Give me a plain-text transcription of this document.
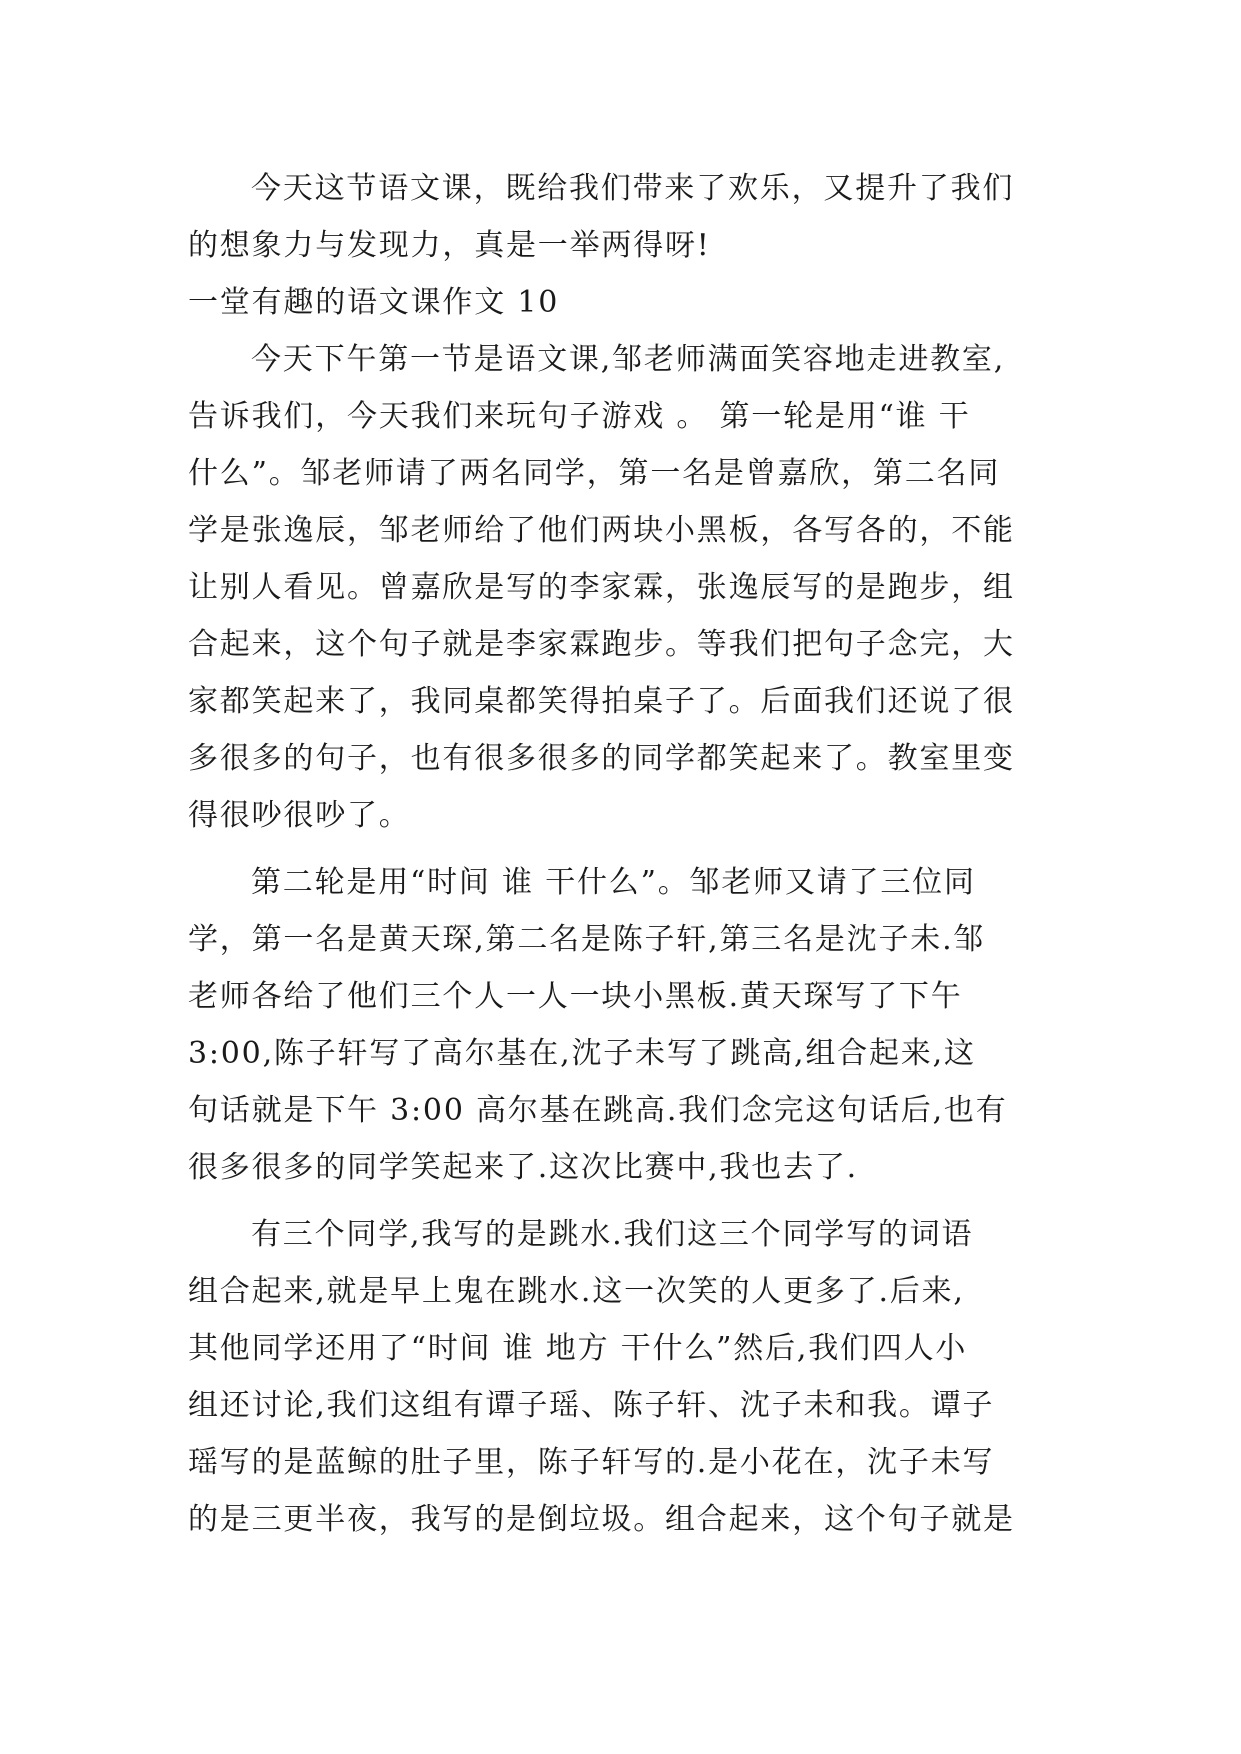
今天这节语文课，既给我们带来了欢乐，又提升了我们
的想象力与发现力，真是一举两得呀!
一堂有趣的语文课作文 10
今天下午第一节是语文课,邹老师满面笑容地走进教室,
告诉我们，今天我们来玩句子游戏 。 第一轮是用“谁 干
什么”。邹老师请了两名同学，第一名是曾嘉欣，第二名同
学是张逸辰，邹老师给了他们两块小黑板，各写各的，不能
让别人看见。曾嘉欣是写的李家霖，张逸辰写的是跑步，组
合起来，这个句子就是李家霖跑步。等我们把句子念完，大
家都笑起来了，我同桌都笑得拍桌子了。后面我们还说了很
多很多的句子，也有很多很多的同学都笑起来了。教室里变
得很吵很吵了。
第二轮是用“时间 谁 干什么”。邹老师又请了三位同
学，第一名是黄天琛,第二名是陈子轩,第三名是沈子未.邹
老师各给了他们三个人一人一块小黑板.黄天琛写了下午
3:00,陈子轩写了高尔基在,沈子未写了跳高,组合起来,这
句话就是下午 3:00 高尔基在跳高.我们念完这句话后,也有
很多很多的同学笑起来了.这次比赛中,我也去了.
有三个同学,我写的是跳水.我们这三个同学写的词语
组合起来,就是早上鬼在跳水.这一次笑的人更多了.后来,
其他同学还用了“时间 谁 地方 干什么”然后,我们四人小
组还讨论,我们这组有谭子瑶、陈子轩、沈子未和我。谭子
瑶写的是蓝鲸的肚子里，陈子轩写的.是小花在，沈子未写
的是三更半夜，我写的是倒垃圾。组合起来，这个句子就是
